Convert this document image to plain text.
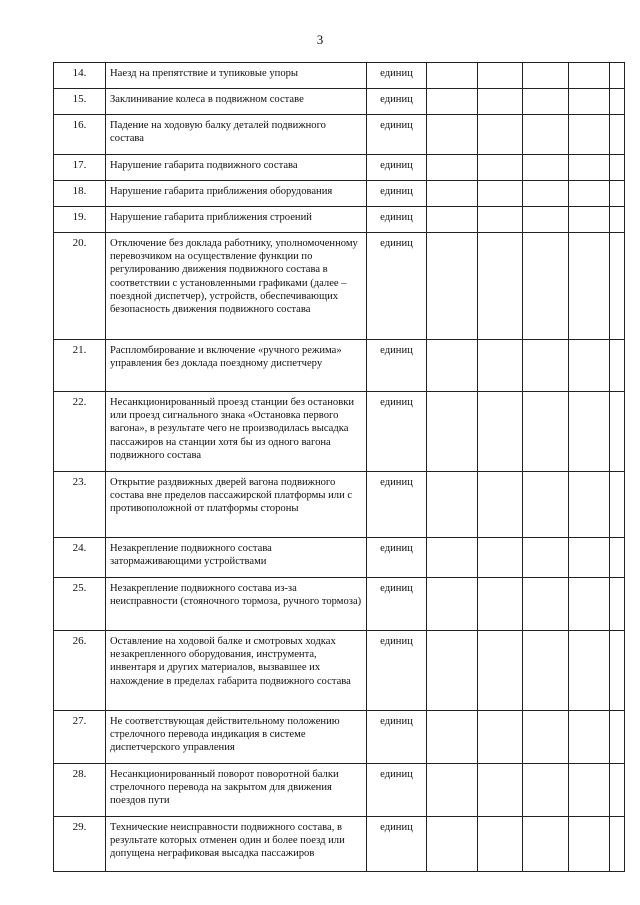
3
14.	Наезд на препятствие и тупиковые упоры	единиц					
15.	Заклинивание колеса в подвижном составе	единиц					
16.	Падение на ходовую балку деталей подвижного состава	единиц					
17.	Нарушение габарита подвижного состава	единиц					
18.	Нарушение габарита приближения оборудования	единиц					
19.	Нарушение габарита приближения строений	единиц					
20.	Отключение без доклада работнику, уполномоченному перевозчиком на осуществление функции по регулированию движения подвижного состава в соответствии с установленными графиками (далее – поездной диспетчер), устройств, обеспечивающих безопасность движения подвижного состава	единиц					
21.	Распломбирование и включение «ручного режима» управления без доклада поездному диспетчеру	единиц					
22.	Несанкционированный проезд станции без остановки или проезд сигнального знака «Остановка первого вагона», в результате чего не производилась высадка пассажиров на станции хотя бы из одного вагона подвижного состава	единиц					
23.	Открытие раздвижных дверей вагона подвижного состава вне пределов пассажирской платформы или с противоположной от платформы стороны	единиц					
24.	Незакрепление подвижного состава затормаживающими устройствами	единиц					
25.	Незакрепление подвижного состава из-за неисправности (стояночного тормоза, ручного тормоза)	единиц					
26.	Оставление на ходовой балке и смотровых ходках незакрепленного оборудования, инструмента, инвентаря и других материалов, вызвавшее их нахождение в пределах габарита подвижного состава	единиц					
27.	Не соответствующая действительному положению стрелочного перевода индикация в системе диспетчерского управления	единиц					
28.	Несанкционированный поворот поворотной балки стрелочного перевода на закрытом для движения поездов пути	единиц					
29.	Технические неисправности подвижного состава, в результате которых отменен один и более поезд или допущена неграфиковая высадка пассажиров	единиц					
